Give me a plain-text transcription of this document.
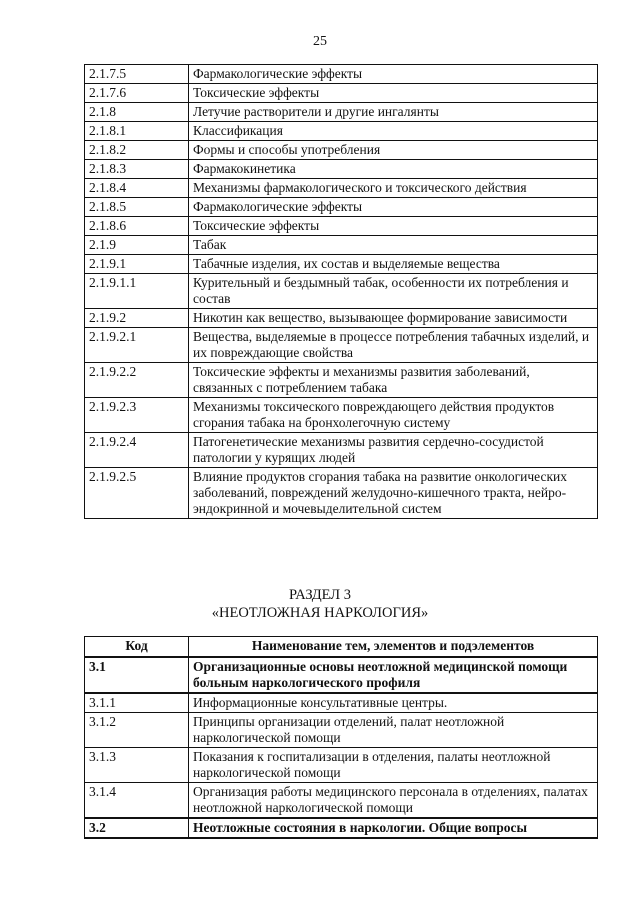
25
2.1.7.5	Фармакологические эффекты
2.1.7.6	Токсические эффекты
2.1.8	Летучие растворители и другие ингалянты
2.1.8.1	Классификация
2.1.8.2	Формы и способы употребления
2.1.8.3	Фармакокинетика
2.1.8.4	Механизмы фармакологического и токсического действия
2.1.8.5	Фармакологические эффекты
2.1.8.6	Токсические эффекты
2.1.9	Табак
2.1.9.1	Табачные изделия, их состав и выделяемые вещества
2.1.9.1.1	Курительный и бездымный табак, особенности их потребления и состав
2.1.9.2	Никотин как вещество, вызывающее формирование зависимости
2.1.9.2.1	Вещества, выделяемые в процессе потребления табачных изделий, и их повреждающие свойства
2.1.9.2.2	Токсические эффекты и механизмы развития заболеваний, связанных с потреблением табака
2.1.9.2.3	Механизмы токсического повреждающего действия продуктов сгорания табака на бронхолегочную систему
2.1.9.2.4	Патогенетические механизмы развития сердечно-сосудистой патологии у курящих людей
2.1.9.2.5	Влияние продуктов сгорания табака на развитие онкологических заболеваний, повреждений желудочно-кишечного тракта, нейро-эндокринной и мочевыделительной систем
РАЗДЕЛ 3
«НЕОТЛОЖНАЯ НАРКОЛОГИЯ»
Код	Наименование тем, элементов и подэлементов
3.1	Организационные основы неотложной медицинской помощи больным наркологического профиля
3.1.1	Информационные консультативные центры.
3.1.2	Принципы организации отделений, палат неотложной наркологической помощи
3.1.3	Показания к госпитализации в отделения, палаты неотложной наркологической помощи
3.1.4	Организация работы медицинского персонала в отделениях, палатах неотложной наркологической помощи
3.2	Неотложные состояния в наркологии. Общие вопросы
